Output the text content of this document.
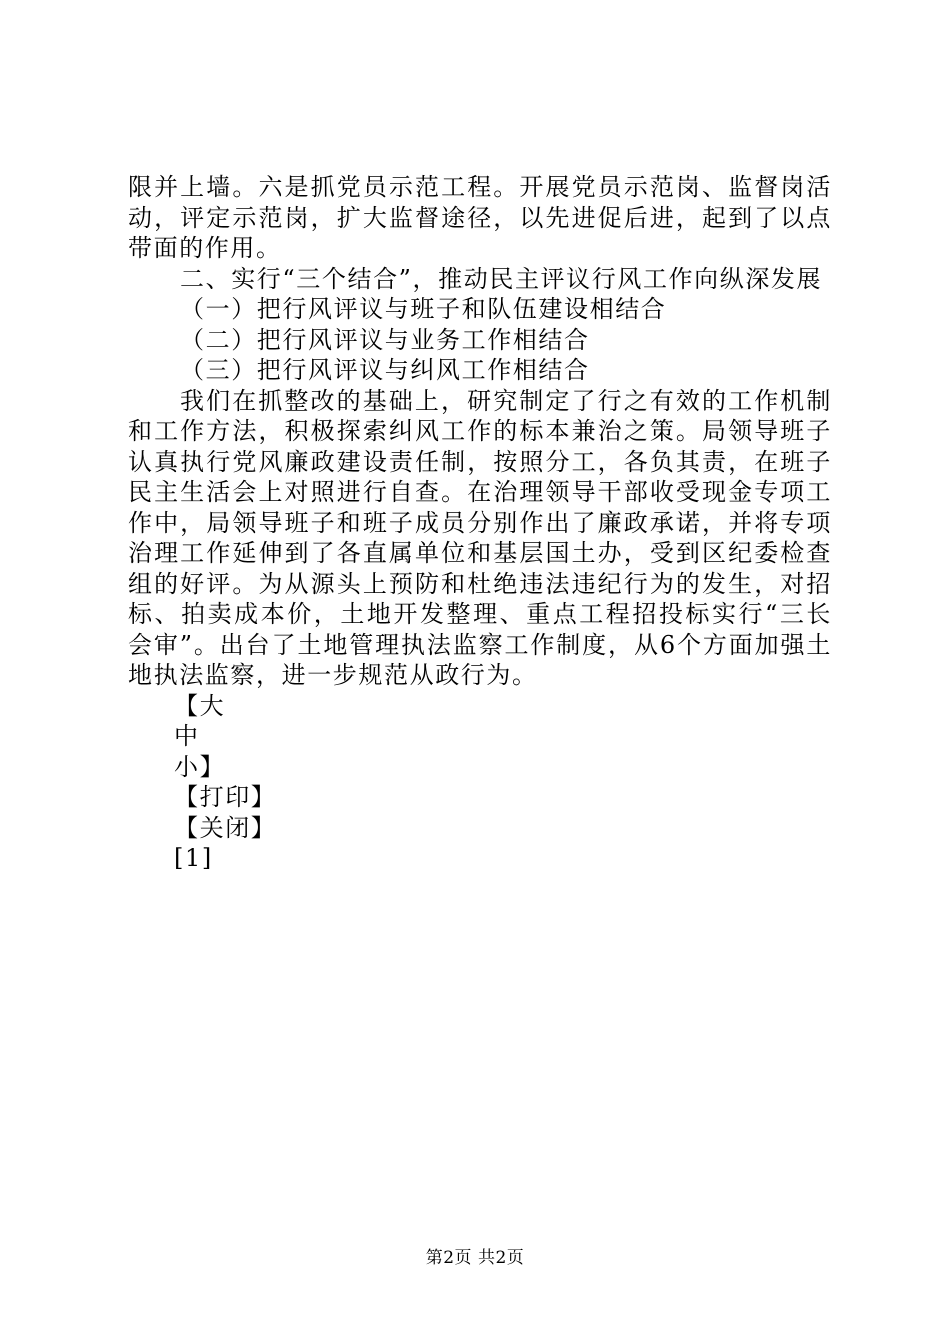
限并上墙。六是抓党员示范工程。开展党员示范岗、监督岗活动，评定示范岗，扩大监督途径，以先进促后进，起到了以点带面的作用。

二、实行“三个结合”，推动民主评议行风工作向纵深发展

（一）把行风评议与班子和队伍建设相结合

（二）把行风评议与业务工作相结合

（三）把行风评议与纠风工作相结合

我们在抓整改的基础上，研究制定了行之有效的工作机制和工作方法，积极探索纠风工作的标本兼治之策。局领导班子认真执行党风廉政建设责任制，按照分工，各负其责，在班子民主生活会上对照进行自查。在治理领导干部收受现金专项工作中，局领导班子和班子成员分别作出了廉政承诺，并将专项治理工作延伸到了各直属单位和基层国土办，受到区纪委检查组的好评。为从源头上预防和杜绝违法违纪行为的发生，对招标、拍卖成本价，土地开发整理、重点工程招投标实行“三长会审”。出台了土地管理执法监察工作制度，从6个方面加强土地执法监察，进一步规范从政行为。

【大
中
小】
【打印】
【关闭】
[1]
第2页 共2页
